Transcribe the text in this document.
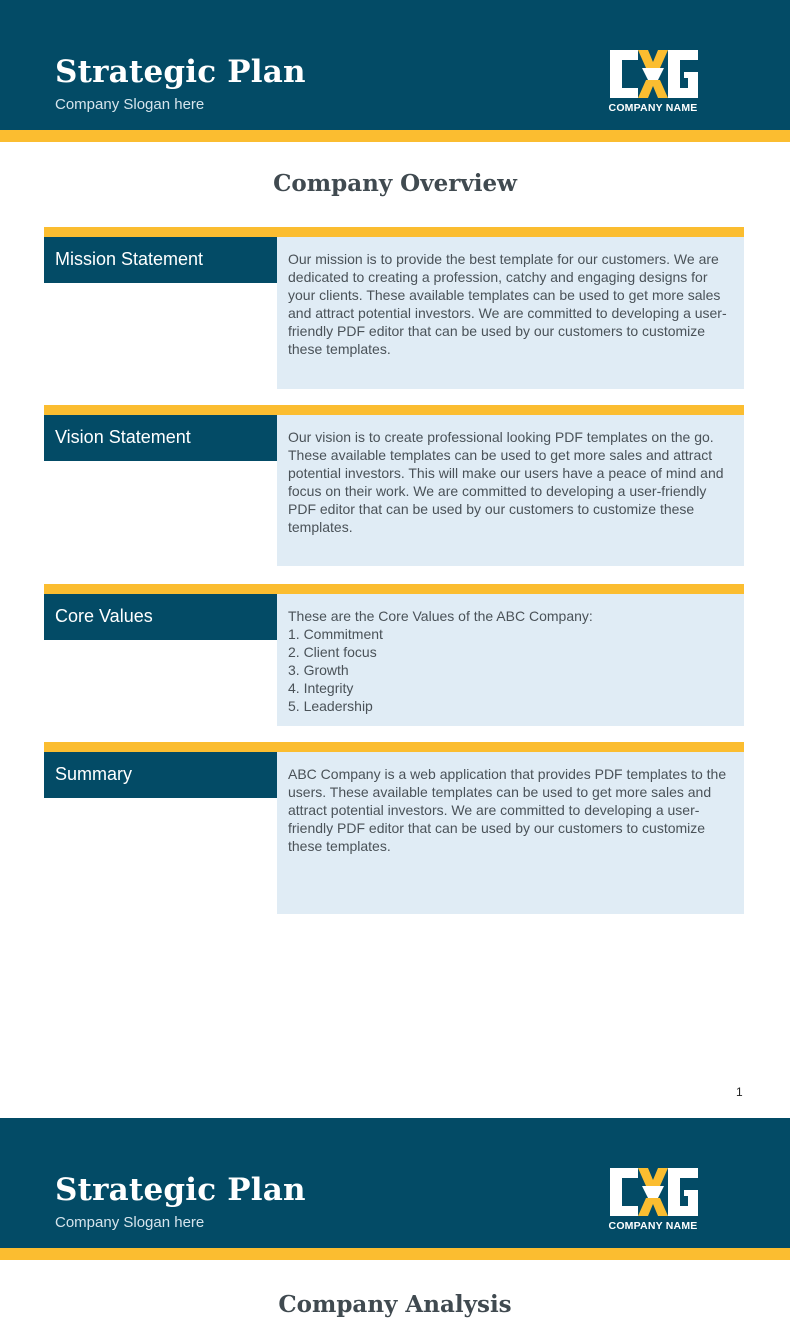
Strategic Plan
Company Slogan here	COMPANY NAME
Company Overview
Mission Statement	Our mission is to provide the best template for our customers. We are dedicated to creating a profession, catchy and engaging designs for your clients. These available templates can be used to get more sales and attract potential investors. We are committed to developing a user-friendly PDF editor that can be used by our customers to customize these templates.
Vision Statement	Our vision is to create professional looking PDF templates on the go. These available templates can be used to get more sales and attract potential investors. This will make our users have a peace of mind and focus on their work. We are committed to developing a user-friendly PDF editor that can be used by our customers to customize these templates.
Core Values	These are the Core Values of the ABC Company:
1. Commitment
2. Client focus
3. Growth
4. Integrity
5. Leadership
Summary	ABC Company is a web application that provides PDF templates to the users. These available templates can be used to get more sales and attract potential investors. We are committed to developing a user-friendly PDF editor that can be used by our customers to customize these templates.
1
Strategic Plan
Company Slogan here	COMPANY NAME
Company Analysis
